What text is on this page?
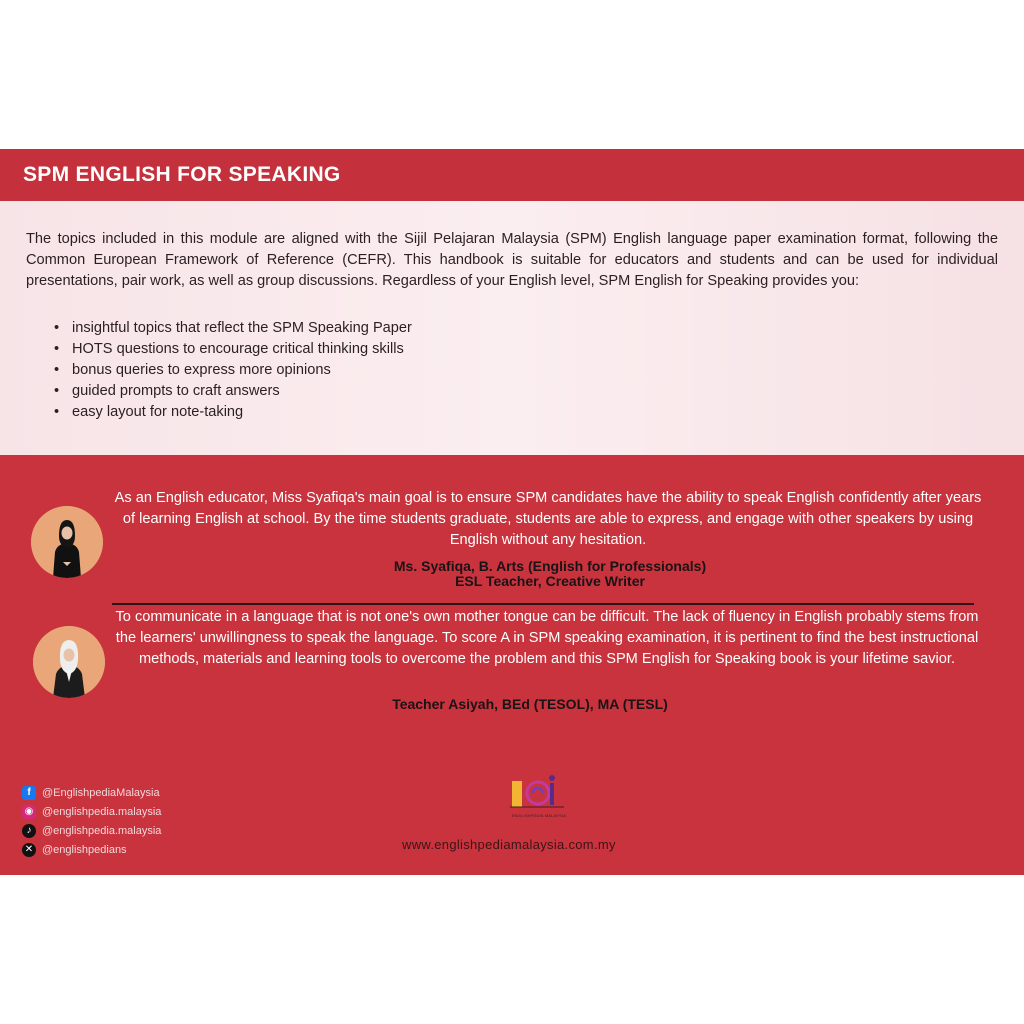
SPM ENGLISH FOR SPEAKING

The topics included in this module are aligned with the Sijil Pelajaran Malaysia (SPM) English language paper examination format, following the Common European Framework of Reference (CEFR). This handbook is suitable for educators and students and can be used for individual presentations, pair work, as well as group discussions. Regardless of your English level, SPM English for Speaking provides you:

• insightful topics that reflect the SPM Speaking Paper
• HOTS questions to encourage critical thinking skills
• bonus queries to express more opinions
• guided prompts to craft answers
• easy layout for note-taking

As an English educator, Miss Syafiqa's main goal is to ensure SPM candidates have the ability to speak English confidently after years of learning English at school. By the time students graduate, students are able to express, and engage with other speakers by using English without any hesitation.

Ms. Syafiqa, B. Arts (English for Professionals)
ESL Teacher, Creative Writer

To communicate in a language that is not one's own mother tongue can be difficult. The lack of fluency in English probably stems from the learners' unwillingness to speak the language. To score A in SPM speaking examination, it is pertinent to find the best instructional methods, materials and learning tools to overcome the problem and this SPM English for Speaking book is your lifetime savior.

Teacher Asiyah, BEd (TESOL), MA (TESL)
f	@EnglishpediaMalaysia
◉ @englishpedia.malaysia
♪ @englishpedia.malaysia
✕ @englishpedians
ENGLISHPEDIA MALAYSIA
www.englishpediamalaysia.com.my
